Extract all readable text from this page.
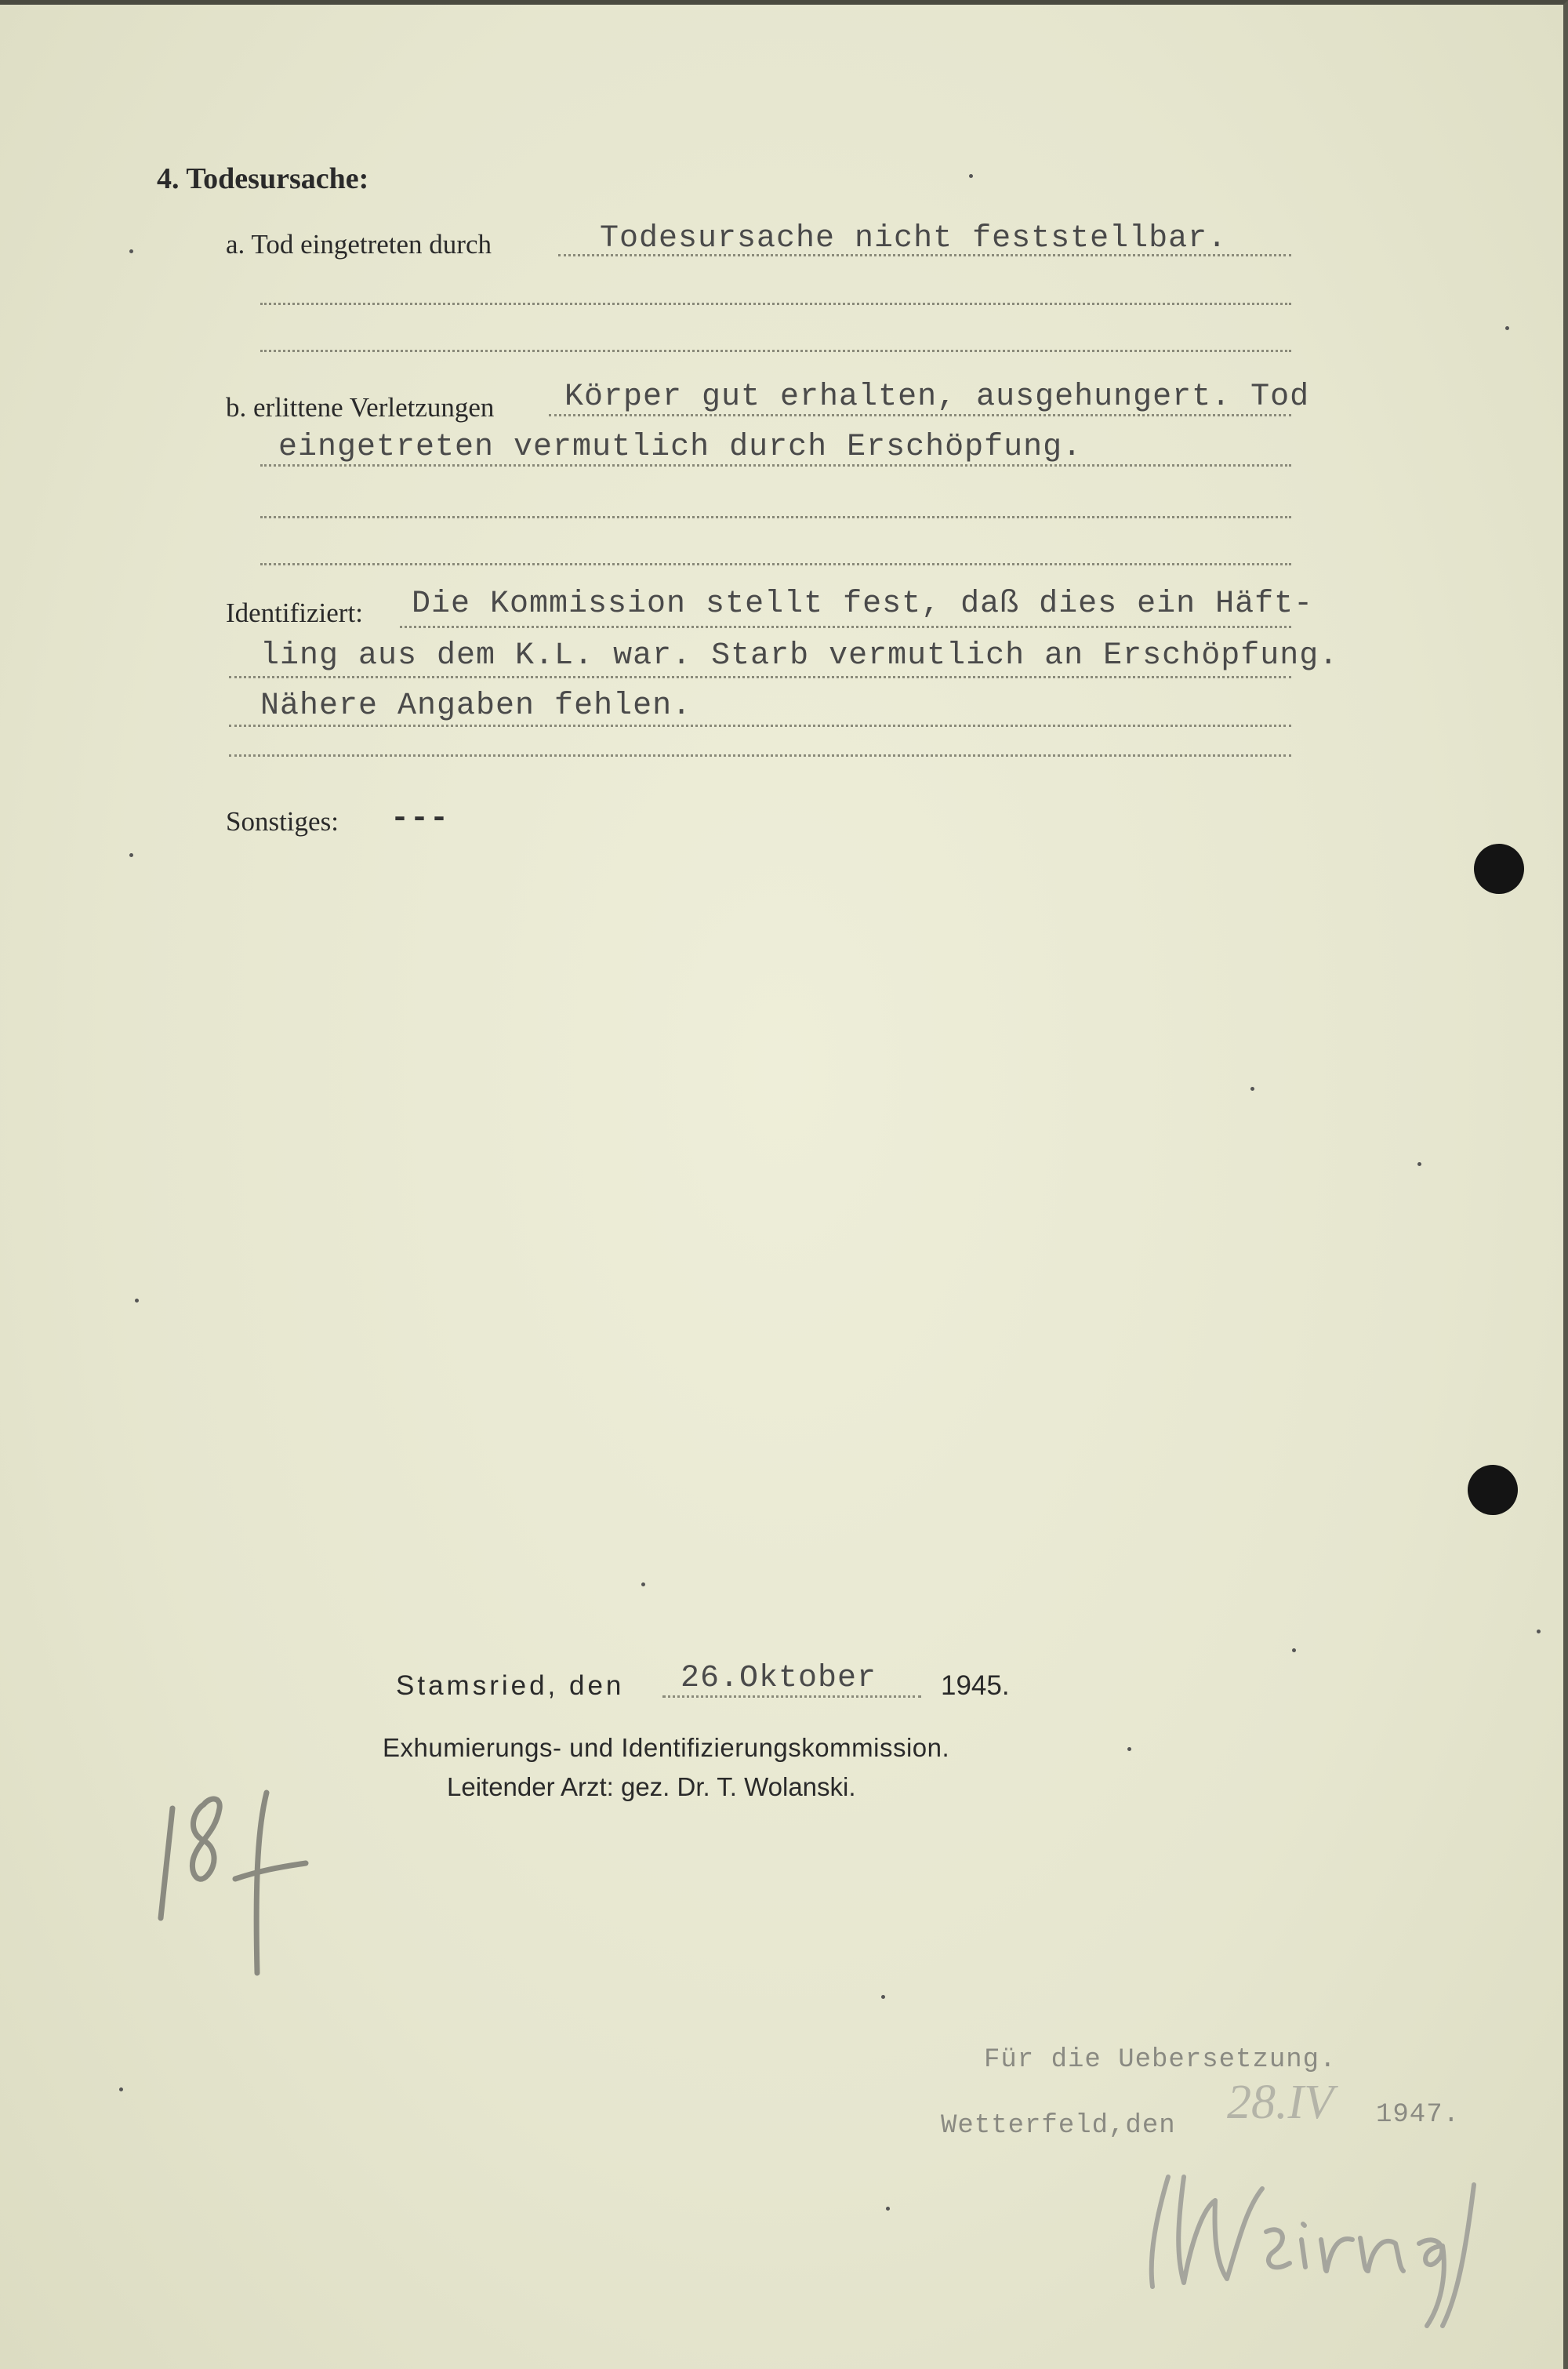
4. Todesursache:
a. Tod eingetreten durch	Todesursache nicht feststellbar.
b. erlittene Verletzungen Körper gut erhalten, ausgehungert. Tod
eingetreten vermutlich durch Erschöpfung.
Identifiziert: Die Kommission stellt fest, daß dies ein Häft-
ling aus dem K.L. war. Starb vermutlich an Erschöpfung.
Nähere Angaben fehlen.
Sonstiges: ---
Stamsried, den 26.Oktober 1945.
Exhumierungs- und Identifizierungskommission.
Leitender Arzt: gez. Dr. T. Wolanski.
Für die Uebersetzung.
Wetterfeld,den 28.IV 1947.
